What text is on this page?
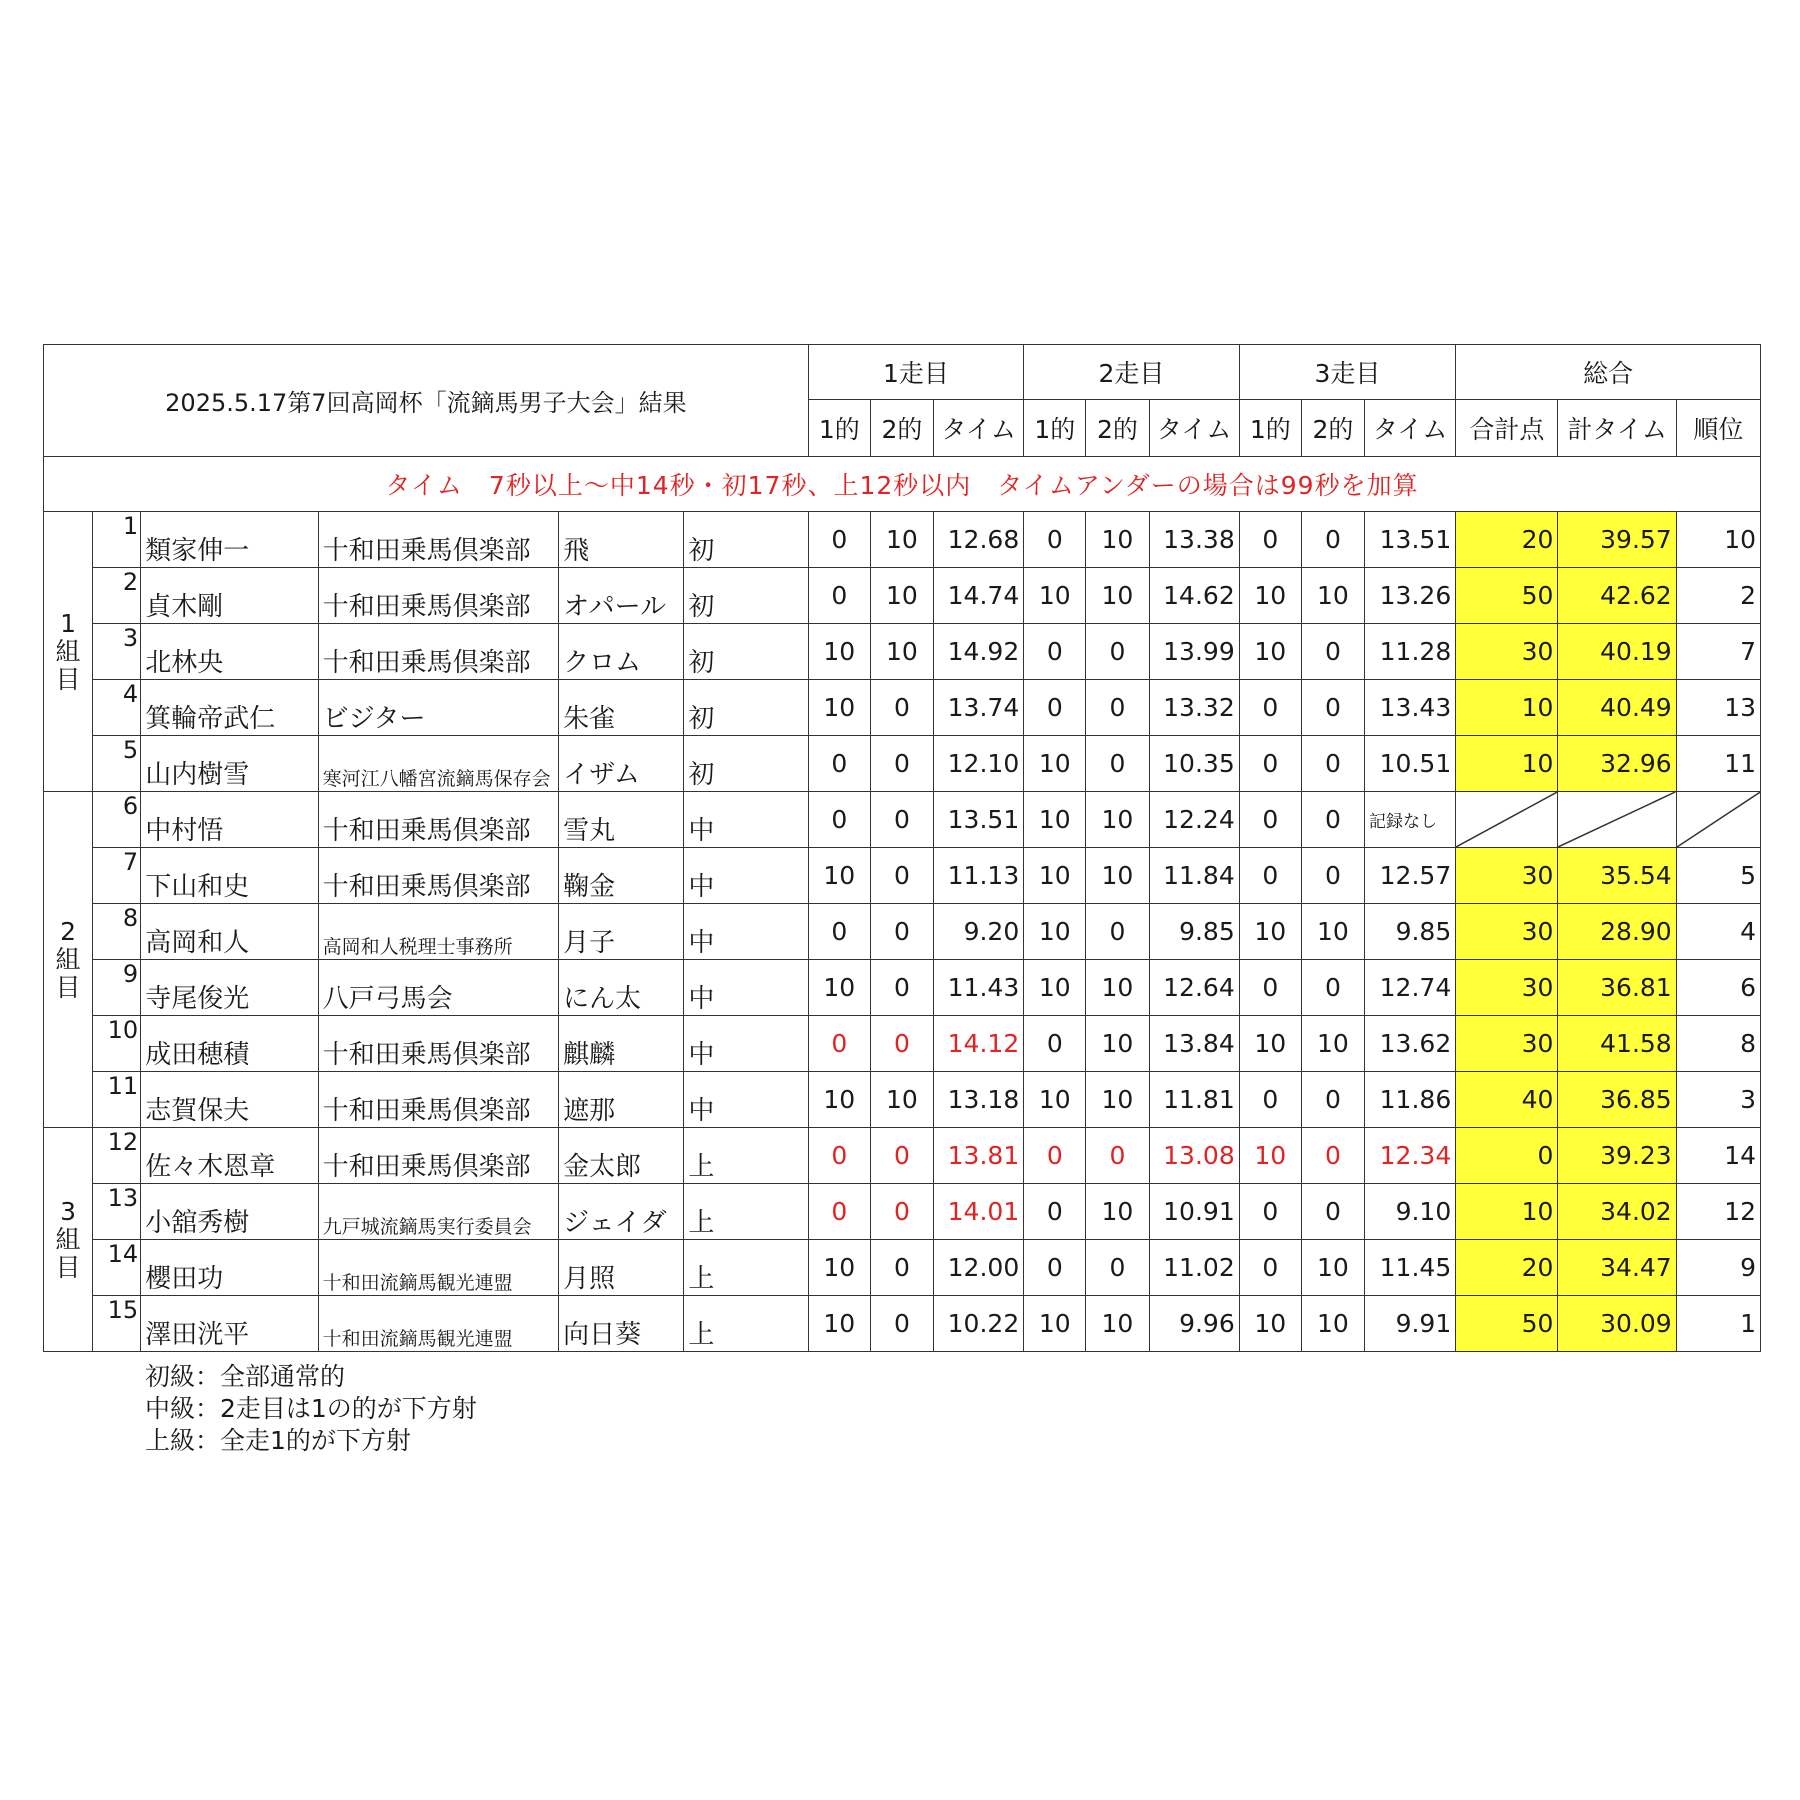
2025.5.17第7回高岡杯「流鏑馬男子大会」結果						1走目			2走目			3走目			総合		
						1的	2的	タイム	1的	2的	タイム	1的	2的	タイム	合計点	計タイム	順位
タイム　7秒以上～中14秒・初17秒、上12秒以内　タイムアンダーの場合は99秒を加算																	

1
組
目	1	類家伸一	十和田乗馬倶楽部	飛	初	0	10	12.68	0	10	13.38	0	0	13.51	20	39.57	10
	2	貞木剛	十和田乗馬倶楽部	オパール	初	0	10	14.74	10	10	14.62	10	10	13.26	50	42.62	2
	3	北林央	十和田乗馬倶楽部	クロム	初	10	10	14.92	0	0	13.99	10	0	11.28	30	40.19	7
	4	箕輪帝武仁	ビジター	朱雀	初	10	0	13.74	0	0	13.32	0	0	13.43	10	40.49	13
	5	山内樹雪	寒河江八幡宮流鏑馬保存会	イザム	初	0	0	12.10	10	0	10.35	0	0	10.51	10	32.96	11

2
組
目	6	中村悟	十和田乗馬倶楽部	雪丸	中	0	0	13.51	10	10	12.24	0	0	記録なし	

	7	下山和史	十和田乗馬倶楽部	鞠金	中	10	0	11.13	10	10	11.84	0	0	12.57	30	35.54	5
	8	高岡和人	高岡和人税理士事務所	月子	中	0	0	9.20	10	0	9.85	10	10	9.85	30	28.90	4
	9	寺尾俊光	八戸弓馬会	にん太	中	10	0	11.43	10	10	12.64	0	0	12.74	30	36.81	6
	10	成田穂積	十和田乗馬倶楽部	麒麟	中	0	0	14.12	0	10	13.84	10	10	13.62	30	41.58	8
	11	志賀保夫	十和田乗馬倶楽部	遮那	中	10	10	13.18	10	10	11.81	0	0	11.86	40	36.85	3

3
組
目	12	佐々木恩章	十和田乗馬倶楽部	金太郎	上	0	0	13.81	0	0	13.08	10	0	12.34	0	39.23	14
	13	小舘秀樹	九戸城流鏑馬実行委員会	ジェイダ	上	0	0	14.01	0	10	10.91	0	0	9.10	10	34.02	12
	14	櫻田功	十和田流鏑馬観光連盟	月照	上	10	0	12.00	0	0	11.02	0	10	11.45	20	34.47	9
	15	澤田洸平	十和田流鏑馬観光連盟	向日葵	上	10	0	10.22	10	10	9.96	10	10	9.91	50	30.09	1
初級：全部通常的
中級：2走目は1の的が下方射
上級：全走1的が下方射
